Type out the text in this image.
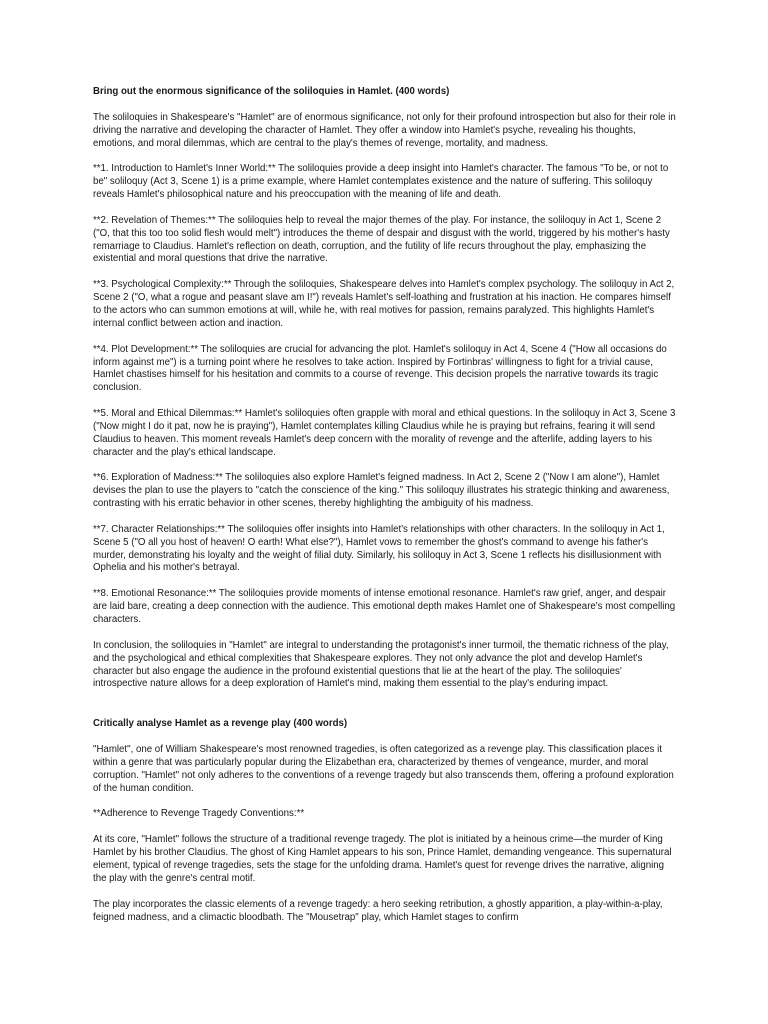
Bring out the enormous significance of the soliloquies in Hamlet. (400 words)

The soliloquies in Shakespeare's "Hamlet" are of enormous significance, not only for their profound introspection but also for their role in driving the narrative and developing the character of Hamlet. They offer a window into Hamlet's psyche, revealing his thoughts, emotions, and moral dilemmas, which are central to the play's themes of revenge, mortality, and madness.

**1. Introduction to Hamlet's Inner World:** The soliloquies provide a deep insight into Hamlet's character. The famous "To be, or not to be" soliloquy (Act 3, Scene 1) is a prime example, where Hamlet contemplates existence and the nature of suffering. This soliloquy reveals Hamlet's philosophical nature and his preoccupation with the meaning of life and death.

**2. Revelation of Themes:** The soliloquies help to reveal the major themes of the play. For instance, the soliloquy in Act 1, Scene 2 ("O, that this too too solid flesh would melt") introduces the theme of despair and disgust with the world, triggered by his mother's hasty remarriage to Claudius. Hamlet's reflection on death, corruption, and the futility of life recurs throughout the play, emphasizing the existential and moral questions that drive the narrative.

**3. Psychological Complexity:** Through the soliloquies, Shakespeare delves into Hamlet's complex psychology. The soliloquy in Act 2, Scene 2 ("O, what a rogue and peasant slave am I!") reveals Hamlet's self-loathing and frustration at his inaction. He compares himself to the actors who can summon emotions at will, while he, with real motives for passion, remains paralyzed. This highlights Hamlet's internal conflict between action and inaction.

**4. Plot Development:** The soliloquies are crucial for advancing the plot. Hamlet's soliloquy in Act 4, Scene 4 ("How all occasions do inform against me") is a turning point where he resolves to take action. Inspired by Fortinbras' willingness to fight for a trivial cause, Hamlet chastises himself for his hesitation and commits to a course of revenge. This decision propels the narrative towards its tragic conclusion.

**5. Moral and Ethical Dilemmas:** Hamlet's soliloquies often grapple with moral and ethical questions. In the soliloquy in Act 3, Scene 3 ("Now might I do it pat, now he is praying"), Hamlet contemplates killing Claudius while he is praying but refrains, fearing it will send Claudius to heaven. This moment reveals Hamlet's deep concern with the morality of revenge and the afterlife, adding layers to his character and the play's ethical landscape.

**6. Exploration of Madness:** The soliloquies also explore Hamlet's feigned madness. In Act 2, Scene 2 ("Now I am alone"), Hamlet devises the plan to use the players to "catch the conscience of the king." This soliloquy illustrates his strategic thinking and awareness, contrasting with his erratic behavior in other scenes, thereby highlighting the ambiguity of his madness.

**7. Character Relationships:** The soliloquies offer insights into Hamlet's relationships with other characters. In the soliloquy in Act 1, Scene 5 ("O all you host of heaven! O earth! What else?"), Hamlet vows to remember the ghost's command to avenge his father's murder, demonstrating his loyalty and the weight of filial duty. Similarly, his soliloquy in Act 3, Scene 1 reflects his disillusionment with Ophelia and his mother's betrayal.

**8. Emotional Resonance:** The soliloquies provide moments of intense emotional resonance. Hamlet's raw grief, anger, and despair are laid bare, creating a deep connection with the audience. This emotional depth makes Hamlet one of Shakespeare's most compelling characters.

In conclusion, the soliloquies in "Hamlet" are integral to understanding the protagonist's inner turmoil, the thematic richness of the play, and the psychological and ethical complexities that Shakespeare explores. They not only advance the plot and develop Hamlet's character but also engage the audience in the profound existential questions that lie at the heart of the play. The soliloquies' introspective nature allows for a deep exploration of Hamlet's mind, making them essential to the play's enduring impact.

Critically analyse Hamlet as a revenge play (400 words)

"Hamlet", one of William Shakespeare's most renowned tragedies, is often categorized as a revenge play. This classification places it within a genre that was particularly popular during the Elizabethan era, characterized by themes of vengeance, murder, and moral corruption. "Hamlet" not only adheres to the conventions of a revenge tragedy but also transcends them, offering a profound exploration of the human condition.

**Adherence to Revenge Tragedy Conventions:**

At its core, "Hamlet" follows the structure of a traditional revenge tragedy. The plot is initiated by a heinous crime—the murder of King Hamlet by his brother Claudius. The ghost of King Hamlet appears to his son, Prince Hamlet, demanding vengeance. This supernatural element, typical of revenge tragedies, sets the stage for the unfolding drama. Hamlet's quest for revenge drives the narrative, aligning the play with the genre's central motif.

The play incorporates the classic elements of a revenge tragedy: a hero seeking retribution, a ghostly apparition, a play-within-a-play, feigned madness, and a climactic bloodbath. The "Mousetrap" play, which Hamlet stages to confirm
